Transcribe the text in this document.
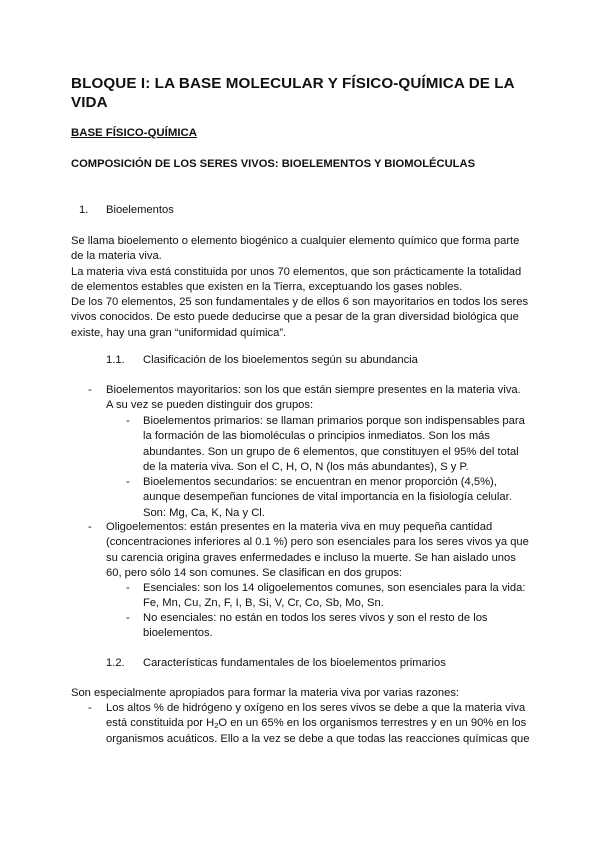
BLOQUE I: LA BASE MOLECULAR Y FÍSICO-QUÍMICA DE LA
VIDA
BASE FÍSICO-QUÍMICA
COMPOSICIÓN DE LOS SERES VIVOS: BIOELEMENTOS Y BIOMOLÉCULAS
1. Bioelementos
Se llama bioelemento o elemento biogénico a cualquier elemento químico que forma parte
de la materia viva.
La materia viva está constituida por unos 70 elementos, que son prácticamente la totalidad
de elementos estables que existen en la Tierra, exceptuando los gases nobles.
De los 70 elementos, 25 son fundamentales y de ellos 6 son mayoritarios en todos los seres
vivos conocidos. De esto puede deducirse que a pesar de la gran diversidad biológica que
existe, hay una gran “uniformidad química”.
1.1. Clasificación de los bioelementos según su abundancia
- Bioelementos mayoritarios: son los que están siempre presentes en la materia viva.
A su vez se pueden distinguir dos grupos:
- Bioelementos primarios: se llaman primarios porque son indispensables para
la formación de las biomoléculas o principios inmediatos. Son los más
abundantes. Son un grupo de 6 elementos, que constituyen el 95% del total
de la materia viva. Son el C, H, O, N (los más abundantes), S y P.
- Bioelementos secundarios: se encuentran en menor proporción (4,5%),
aunque desempeñan funciones de vital importancia en la fisiología celular.
Son: Mg, Ca, K, Na y Cl.
- Oligoelementos: están presentes en la materia viva en muy pequeña cantidad
(concentraciones inferiores al 0.1 %) pero son esenciales para los seres vivos ya que
su carencia origina graves enfermedades e incluso la muerte. Se han aislado unos
60, pero sólo 14 son comunes. Se clasifican en dos grupos:
- Esenciales: son los 14 oligoelementos comunes, son esenciales para la vida:
Fe, Mn, Cu, Zn, F, I, B, Si, V, Cr, Co, Sb, Mo, Sn.
- No esenciales: no están en todos los seres vivos y son el resto de los
bioelementos.
1.2. Características fundamentales de los bioelementos primarios
Son especialmente apropiados para formar la materia viva por varias razones:
- Los altos % de hidrógeno y oxígeno en los seres vivos se debe a que la materia viva
está constituida por $H_2O$ en un 65% en los organismos terrestres y en un 90% en los
organismos acuáticos. Ello a la vez se debe a que todas las reacciones químicas que
